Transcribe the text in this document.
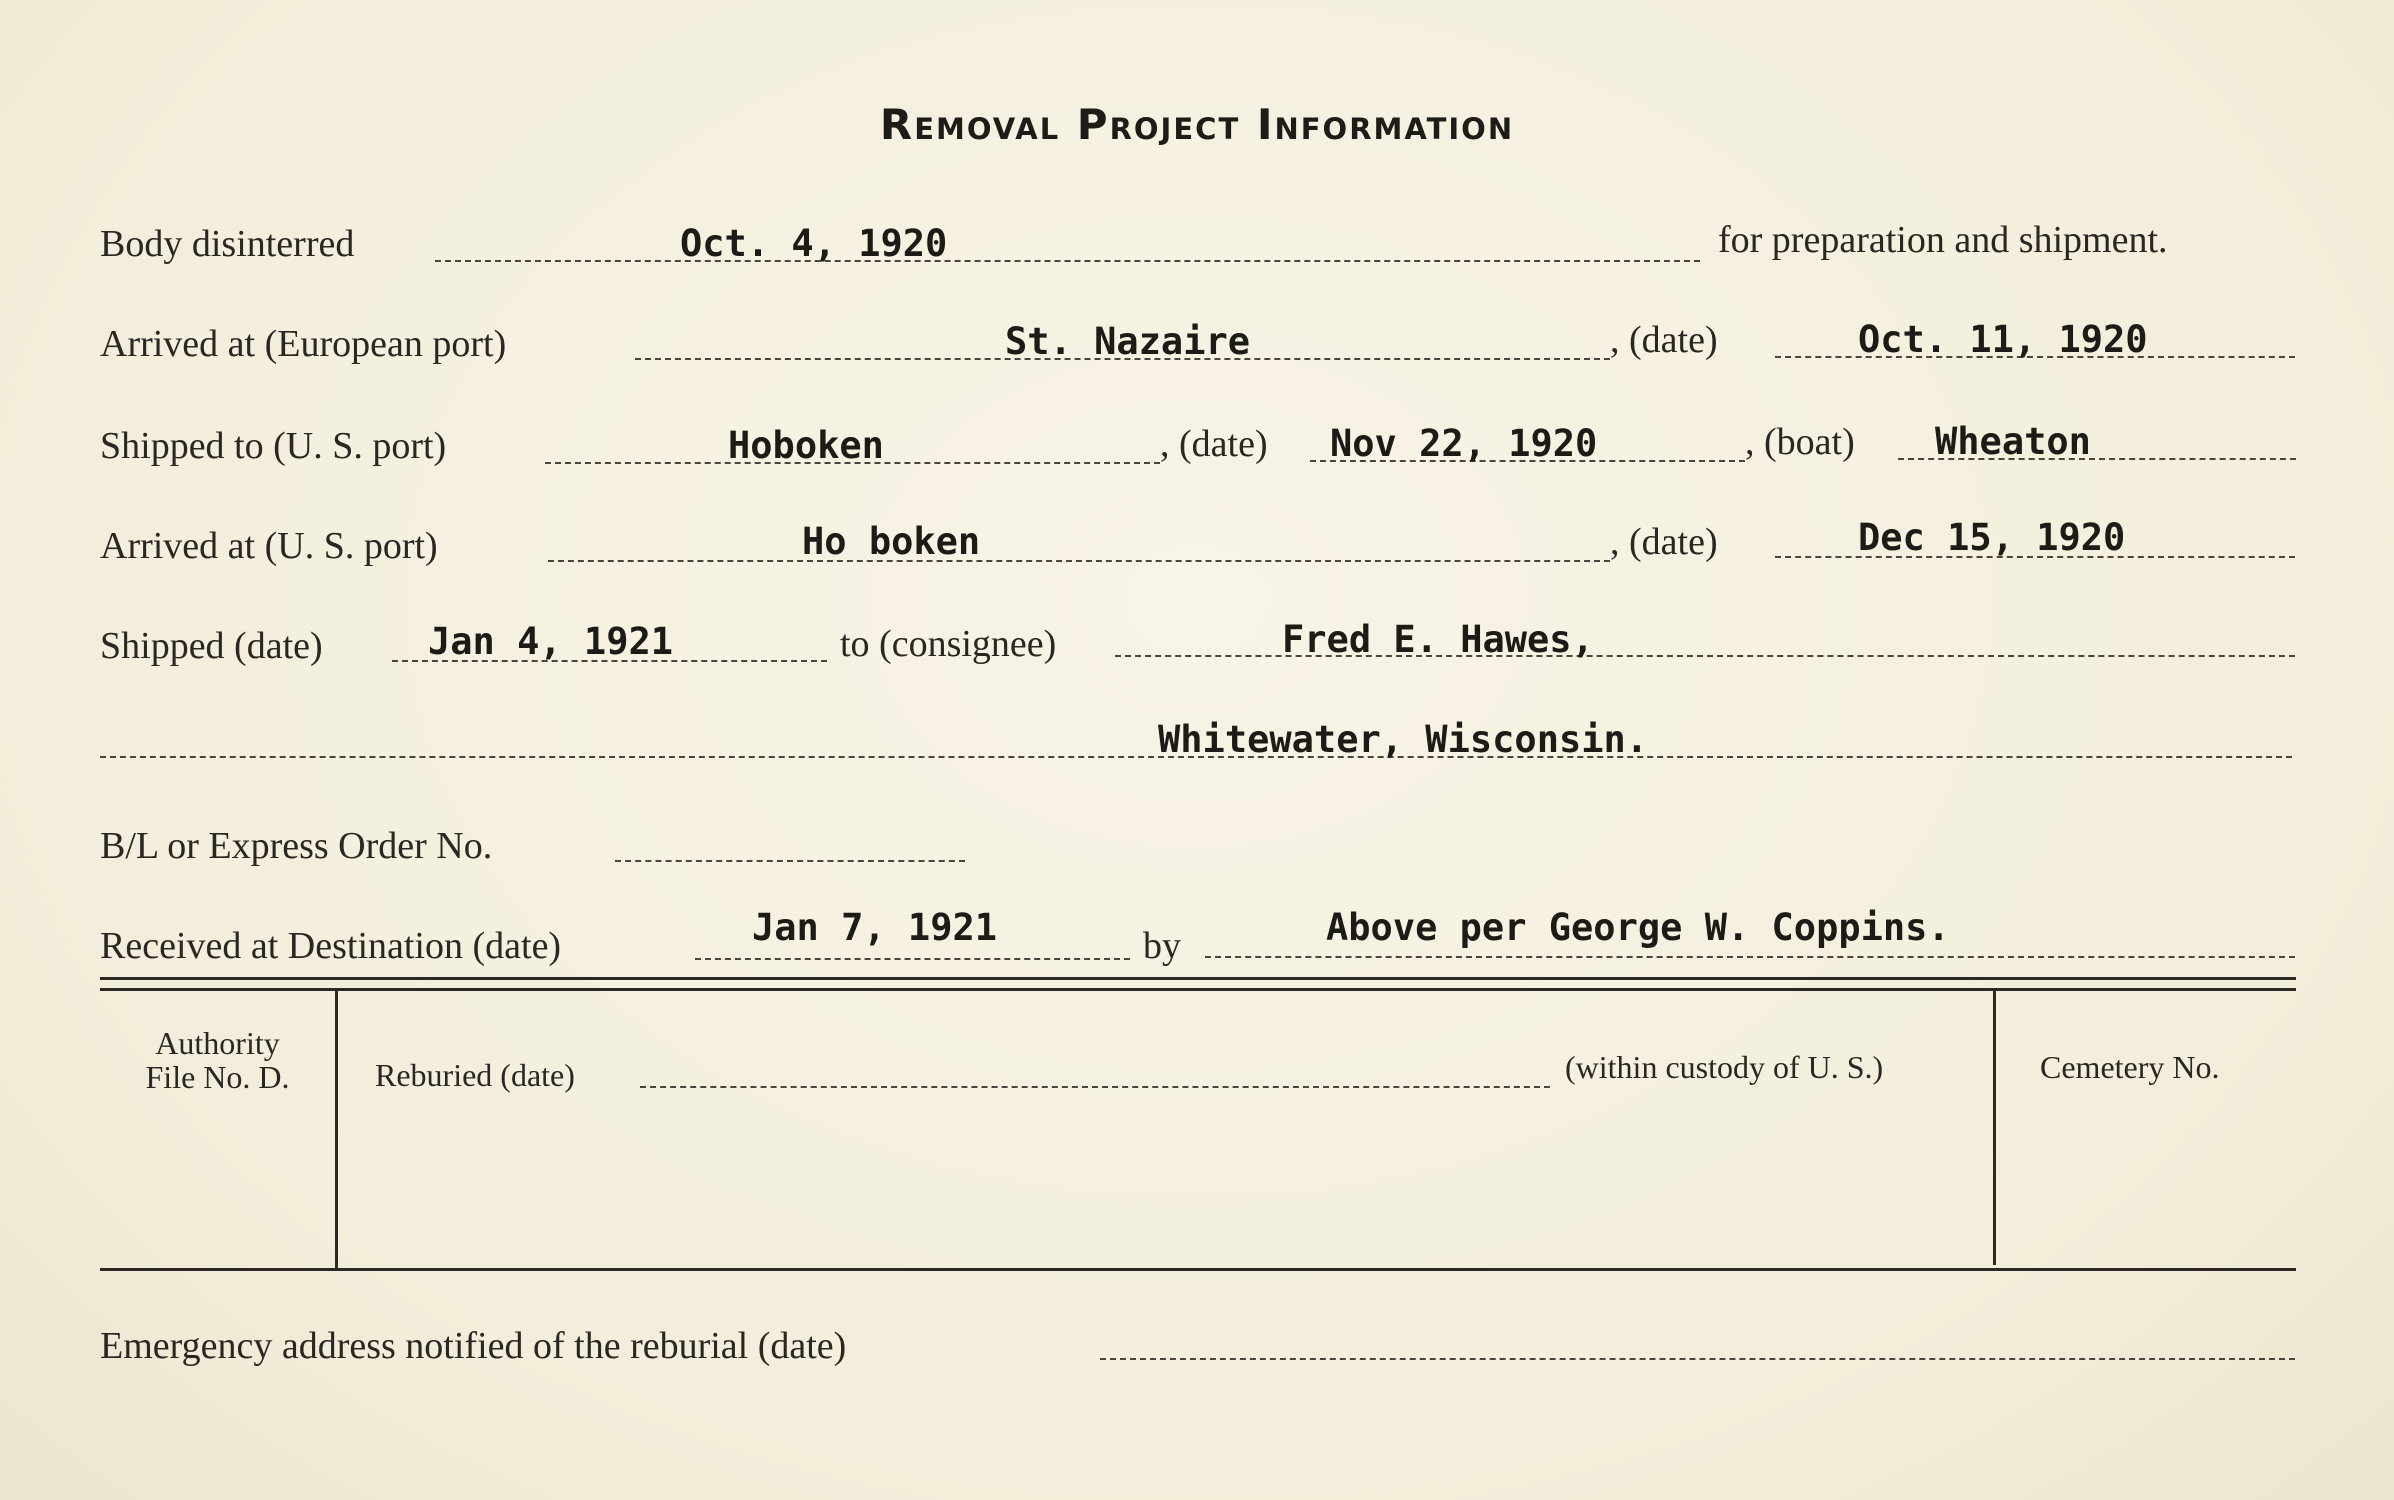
Removal Project Information
Body disinterred	Oct. 4, 1920	for preparation and shipment.
Arrived at (European port)	St. Nazaire	, (date)	Oct. 11, 1920
Shipped to (U. S. port)	Hoboken	, (date) Nov 22, 1920	, (boat) Wheaton
Arrived at (U. S. port)	Ho boken	, (date)	Dec 15, 1920
Shipped (date)	Jan 4, 1921	to (consignee)	Fred E. Hawes,
Whitewater, Wisconsin.
B/L or Express Order No.
Received at Destination (date)	Jan 7, 1921	by	Above per George W. Coppins.
Authority
File No. D.	Reburied (date)	(within custody of U. S.)	Cemetery No.
Emergency address notified of the reburial (date)
